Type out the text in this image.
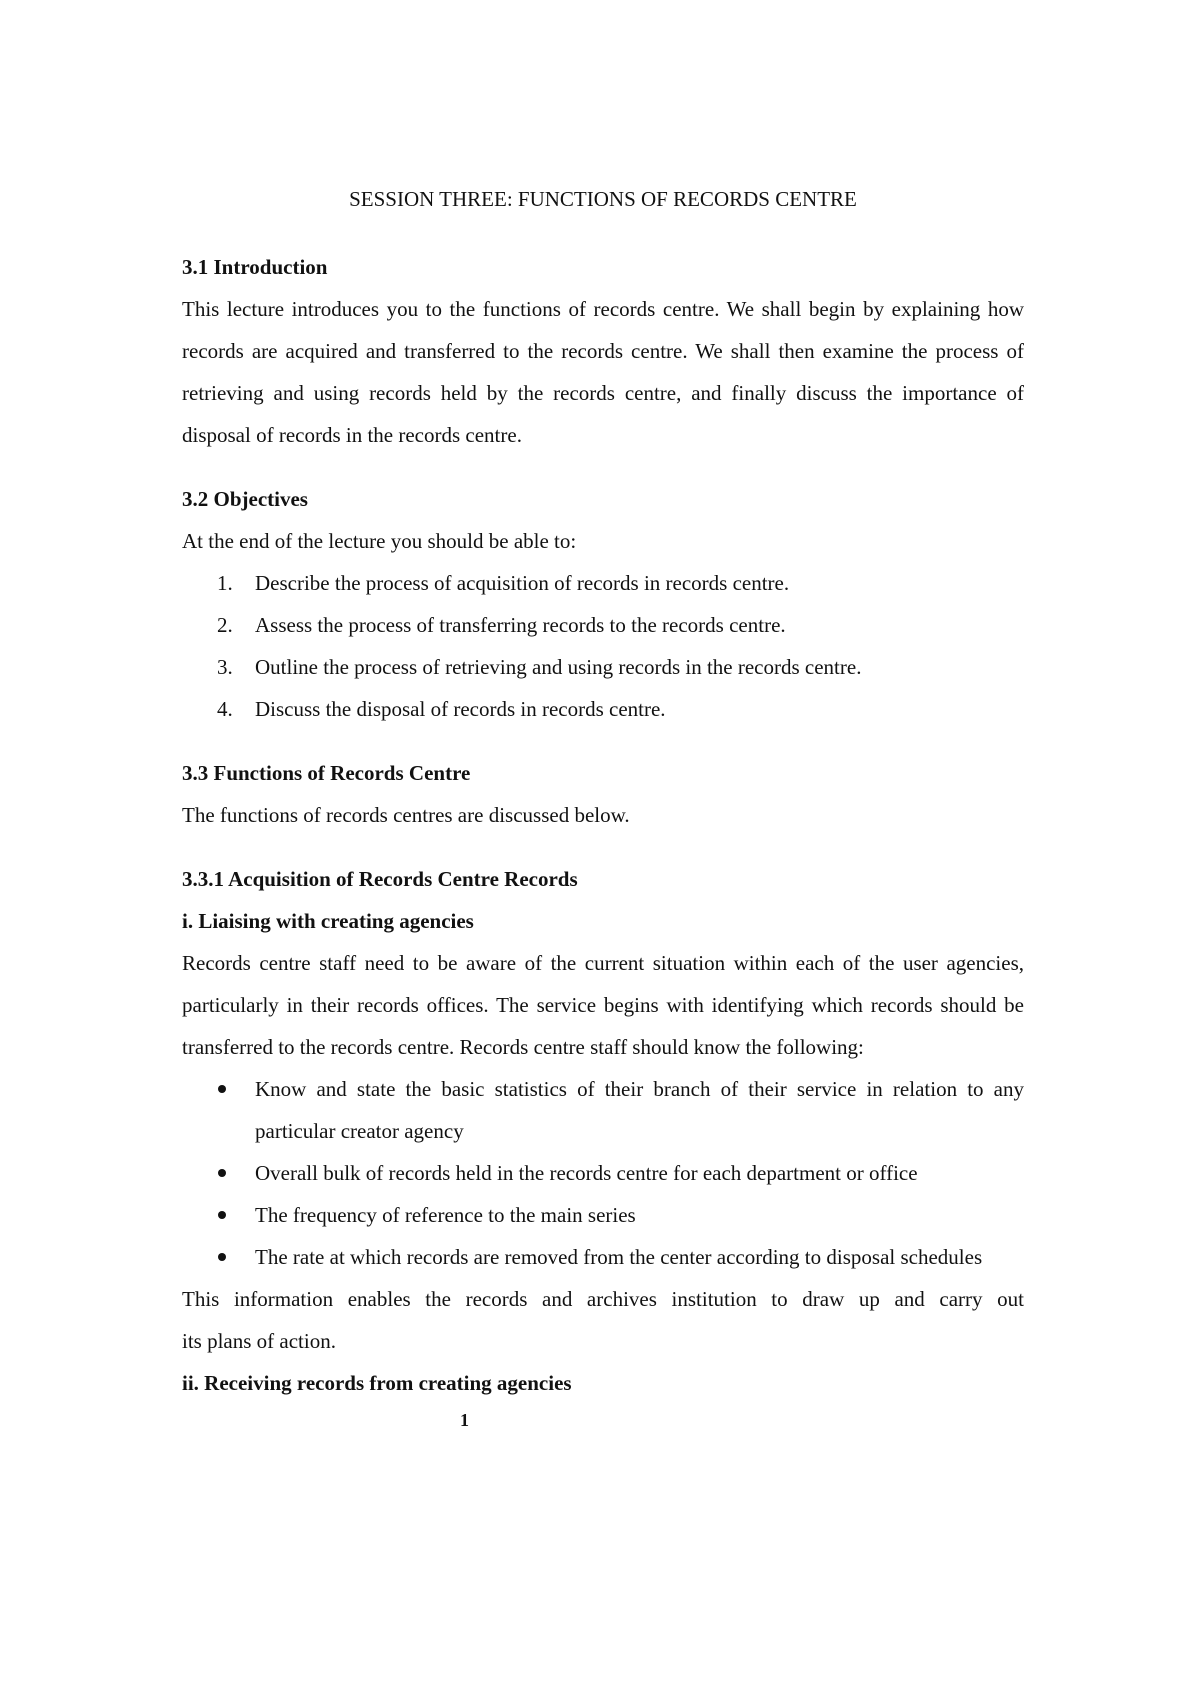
SESSION THREE: FUNCTIONS OF RECORDS CENTRE
3.1 Introduction

This lecture introduces you to the functions of records centre. We shall begin by explaining how records are acquired and transferred to the records centre. We shall then examine the process of retrieving and using records held by the records centre, and finally discuss the importance of disposal of records in the records centre.

3.2 Objectives

At the end of the lecture you should be able to:

1. Describe the process of acquisition of records in records centre.
2. Assess the process of transferring records to the records centre.
3. Outline the process of retrieving and using records in the records centre.
4. Discuss the disposal of records in records centre.
3.3 Functions of Records Centre

The functions of records centres are discussed below.

3.3.1 Acquisition of Records Centre Records
i. Liaising with creating agencies

Records centre staff need to be aware of the current situation within each of the user agencies, particularly in their records offices. The service begins with identifying which records should be transferred to the records centre. Records centre staff should know the following:

Know and state the basic statistics of their branch of their service in relation to any particular creator agency
Overall bulk of records held in the records centre for each department or office
The frequency of reference to the main series
The rate at which records are removed from the center according to disposal schedules

This information enables the records and archives institution to draw up and carry out

its plans of action.

ii. Receiving records from creating agencies
1
